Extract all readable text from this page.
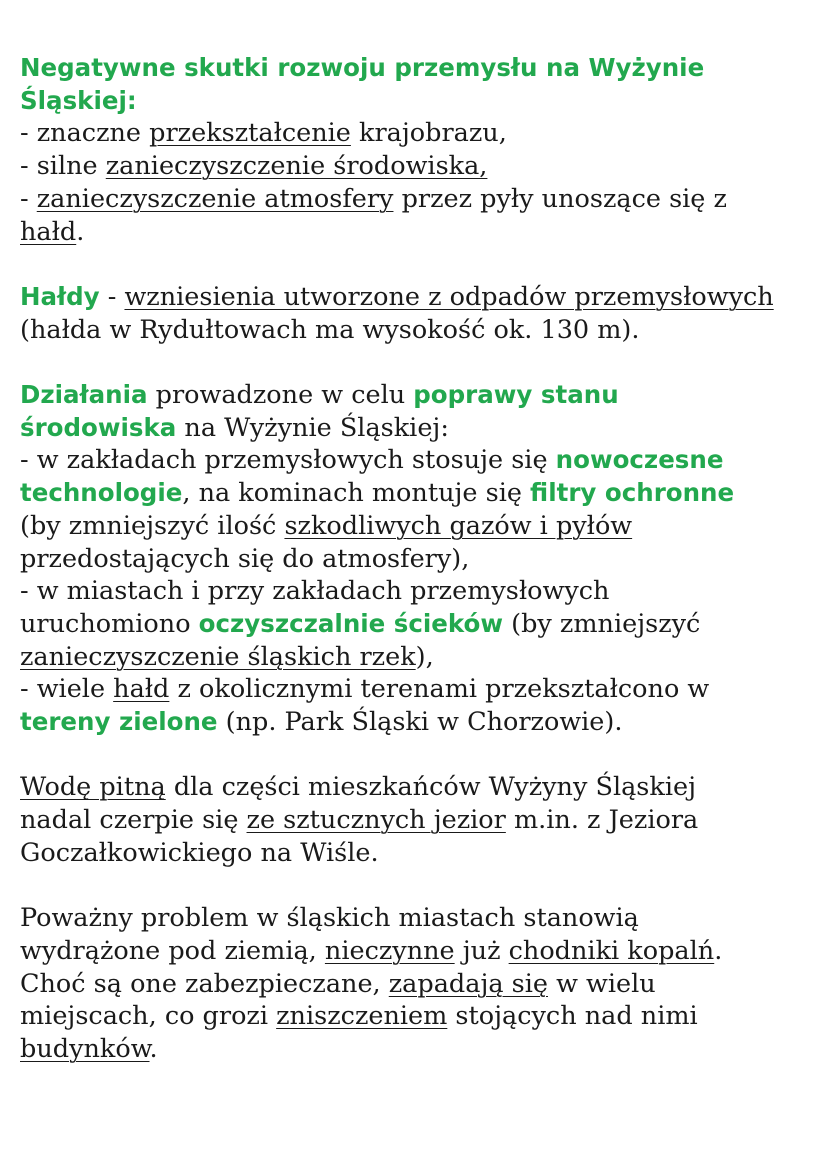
Negatywne skutki rozwoju przemysłu na Wyżynie
Śląskiej:
- znaczne przekształcenie krajobrazu,
- silne zanieczyszczenie środowiska,
- zanieczyszczenie atmosfery przez pyły unoszące się z
hałd.
Hałdy - wzniesienia utworzone z odpadów przemysłowych
(hałda w Rydułtowach ma wysokość ok. 130 m).
Działania prowadzone w celu poprawy stanu
środowiska na Wyżynie Śląskiej:
- w zakładach przemysłowych stosuje się nowoczesne
technologie, na kominach montuje się filtry ochronne
(by zmniejszyć ilość szkodliwych gazów i pyłów
przedostających się do atmosfery),
- w miastach i przy zakładach przemysłowych
uruchomiono oczyszczalnie ścieków (by zmniejszyć
zanieczyszczenie śląskich rzek),
- wiele hałd z okolicznymi terenami przekształcono w
tereny zielone (np. Park Śląski w Chorzowie).
Wodę pitną dla części mieszkańców Wyżyny Śląskiej
nadal czerpie się ze sztucznych jezior m.in. z Jeziora
Goczałkowickiego na Wiśle.
Poważny problem w śląskich miastach stanowią
wydrążone pod ziemią, nieczynne już chodniki kopalń.
Choć są one zabezpieczane, zapadają się w wielu
miejscach, co grozi zniszczeniem stojących nad nimi
budynków.
